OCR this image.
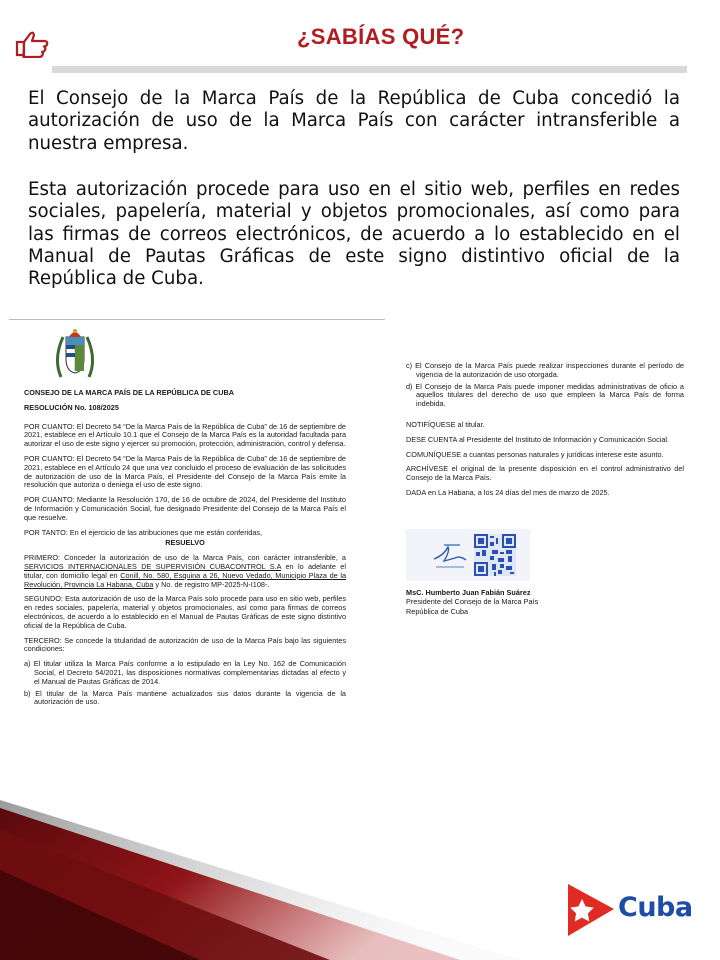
¿SABÍAS QUÉ?
El Consejo de la Marca País de la República de Cuba concedió la autorización de uso de la Marca País con carácter intransferible a nuestra empresa.
Esta autorización procede para uso en el sitio web, perfiles en redes sociales, papelería, material y objetos promocionales, así como para las firmas de correos electrónicos, de acuerdo a lo establecido en el Manual de Pautas Gráficas de este signo distintivo oficial de la República de Cuba.

CONSEJO DE LA MARCA PAÍS DE LA REPÚBLICA DE CUBA

RESOLUCIÓN No. 108/2025

POR CUANTO: El Decreto 54 “De la Marca País de la República de Cuba” de 16 de septiembre de 2021, establece en el Artículo 10.1 que el Consejo de la Marca País es la autoridad facultada para autorizar el uso de este signo y ejercer su promoción, protección, administración, control y defensa.

POR CUANTO: El Decreto 54 “De la Marca País de la República de Cuba” de 16 de septiembre de 2021, establece en el Artículo 24 que una vez concluido el proceso de evaluación de las solicitudes de autorización de uso de la Marca País, el Presidente del Consejo de la Marca País emite la resolución que autoriza o deniega el uso de este signo.

POR CUANTO: Mediante la Resolución 170, de 16 de octubre de 2024, del Presidente del Instituto de Información y Comunicación Social, fue designado Presidente del Consejo de la Marca País el que resuelve.

POR TANTO: En el ejercicio de las atribuciones que me están conferidas,

RESUELVO

PRIMERO: Conceder la autorización de uso de la Marca País, con carácter intransferible, a SERVICIOS INTERNACIONALES DE SUPERVISIÓN CUBACONTROL S.A en lo adelante el titular, con domicilio legal en Conill, No. 580, Esquina a 26, Nuevo Vedado, Municipio Plaza de la Revolución, Provincia La Habana, Cuba y No. de registro MP-2025-N-I108-.

SEGUNDO: Esta autorización de uso de la Marca País solo procede para uso en sitio web, perfiles en redes sociales, papelería, material y objetos promocionales, así como para firmas de correos electrónicos, de acuerdo a lo establecido en el Manual de Pautas Gráficas de este signo distintivo oficial de la República de Cuba.

TERCERO: Se concede la titularidad de autorización de uso de la Marca País bajo las siguientes condiciones:

a) El titular utiliza la Marca País conforme a lo estipulado en la Ley No. 162 de Comunicación Social, el Decreto 54/2021, las disposiciones normativas complementarias dictadas al efecto y el Manual de Pautas Gráficas de 2014.

b) El titular de la Marca País mantiene actualizados sus datos durante la vigencia de la autorización de uso.

c) El Consejo de la Marca País puede realizar inspecciones durante el período de vigencia de la autorización de uso otorgada.

d) El Consejo de la Marca País puede imponer medidas administrativas de oficio a aquellos titulares del derecho de uso que empleen la Marca País de forma indebida.

NOTIFÍQUESE al titular.

DESE CUENTA al Presidente del Instituto de Información y Comunicación Social.

COMUNÍQUESE a cuantas personas naturales y jurídicas interese este asunto.

ARCHÍVESE el original de la presente disposición en el control administrativo del Consejo de la Marca País.

DADA en La Habana, a los 24 días del mes de marzo de 2025.

MsC. Humberto Juan Fabián Suárez
Presidente del Consejo de la Marca País
República de Cuba
Cuba
